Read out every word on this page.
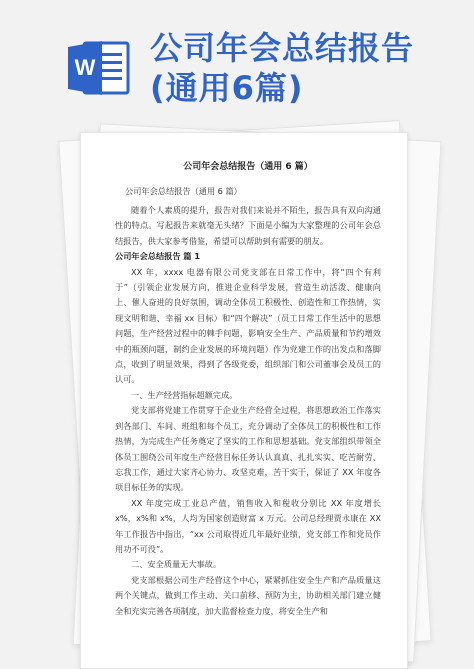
W
公司年会总结报告
(通用6篇)
公司年会总结报告（通用 6 篇）
公司年会总结报告（通用 6 篇）

随着个人素质的提升，报告对我们来说并不陌生，报告具有双向沟通性的特点。写起报告来就毫无头绪？下面是小编为大家整理的公司年会总结报告，供大家参考借鉴，希望可以帮助到有需要的朋友。

公司年会总结报告 篇 1

XX 年，xxxx 电器有限公司党支部在日常工作中，将“四个有利于”（引领企业发展方向，推进企业科学发展，营造生动活泼、健康向上、催人奋进的良好氛围，调动全体员工积极性、创造性和工作热情，实现文明和谐、幸福 xx 目标）和“四个解决”（员工日常工作生活中的思想问题，生产经营过程中的棘手问题，影响安全生产、产品质量和节约增效中的瓶颈问题，制约企业发展的环境问题）作为党建工作的出发点和落脚点，收到了明显效果，得到了各级党委，组织部门和公司董事会及员工的认可。

一、生产经营指标超额完成。

党支部将党建工作贯穿于企业生产经营全过程，将思想政治工作落实到各部门、车间、班组和每个员工，充分调动了全体员工的积极性和工作热情，为完成生产任务奠定了坚实的工作和思想基础。党支部组织带领全体员工围绕公司年度生产经营目标任务认认真真、扎扎实实、吃苦耐劳、忘我工作，通过大家齐心协力、攻坚克难，苦干实干，保证了 XX 年度各项目标任务的实现。

XX 年度完成工业总产值，销售收入和税收分别比 XX 年度增长 x%，x%和 x%，人均为国家创造财富 x 万元。公司总经理贾永康在 XX 年工作报告中指出，“xx 公司取得近几年最好业绩，党支部工作和党员作用功不可没”。

二、安全质量无大事故。

党支部根据公司生产经营这个中心，紧紧抓住安全生产和产品质量这两个关键点，做到工作主动、关口前移、预防为主，协助相关部门建立健全和充实完善各项制度，加大监督检查力度，将安全生产和
